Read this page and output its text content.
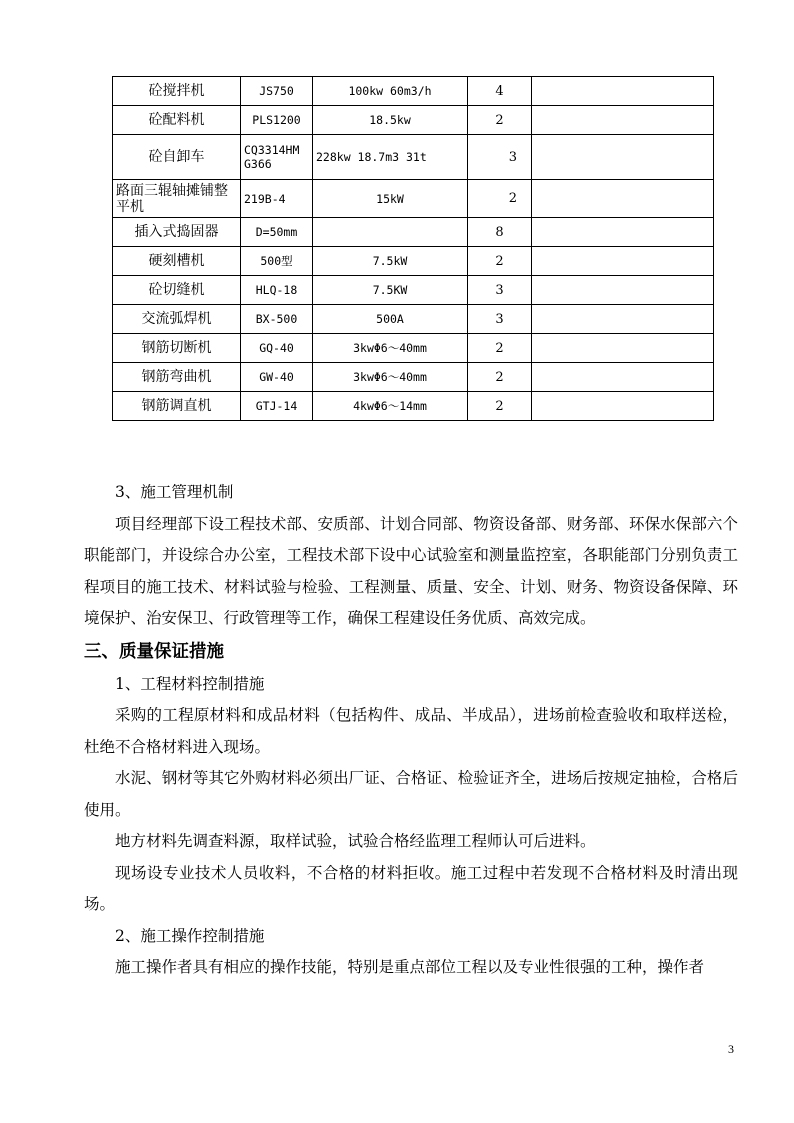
砼搅拌机	JS750	100kw 60m3/h	4	
砼配料机	PLS1200	18.5kw	2	
砼自卸车	CQ3314HM G366	228kw 18.7m3 31t	3	
路面三辊轴摊铺整平机	219B-4	15kW	2	
插入式捣固器	D=50mm		8	
硬刻槽机	500型	7.5kW	2	
砼切缝机	HLQ-18	7.5KW	3	
交流弧焊机	BX-500	500A	3	
钢筋切断机	GQ-40	3kwΦ6～40mm	2	
钢筋弯曲机	GW-40	3kwΦ6～40mm	2	
钢筋调直机	GTJ-14	4kwΦ6～14mm	2	

3、施工管理机制

项目经理部下设工程技术部、安质部、计划合同部、物资设备部、财务部、环保水保部六个职能部门，并设综合办公室，工程技术部下设中心试验室和测量监控室，各职能部门分别负责工程项目的施工技术、材料试验与检验、工程测量、质量、安全、计划、财务、物资设备保障、环境保护、治安保卫、行政管理等工作，确保工程建设任务优质、高效完成。

三、质量保证措施

1、工程材料控制措施

采购的工程原材料和成品材料（包括构件、成品、半成品），进场前检查验收和取样送检，杜绝不合格材料进入现场。

水泥、钢材等其它外购材料必须出厂证、合格证、检验证齐全，进场后按规定抽检，合格后使用。

地方材料先调查料源，取样试验，试验合格经监理工程师认可后进料。

现场设专业技术人员收料，不合格的材料拒收。施工过程中若发现不合格材料及时清出现场。

2、施工操作控制措施

施工操作者具有相应的操作技能，特别是重点部位工程以及专业性很强的工种，操作者

3
